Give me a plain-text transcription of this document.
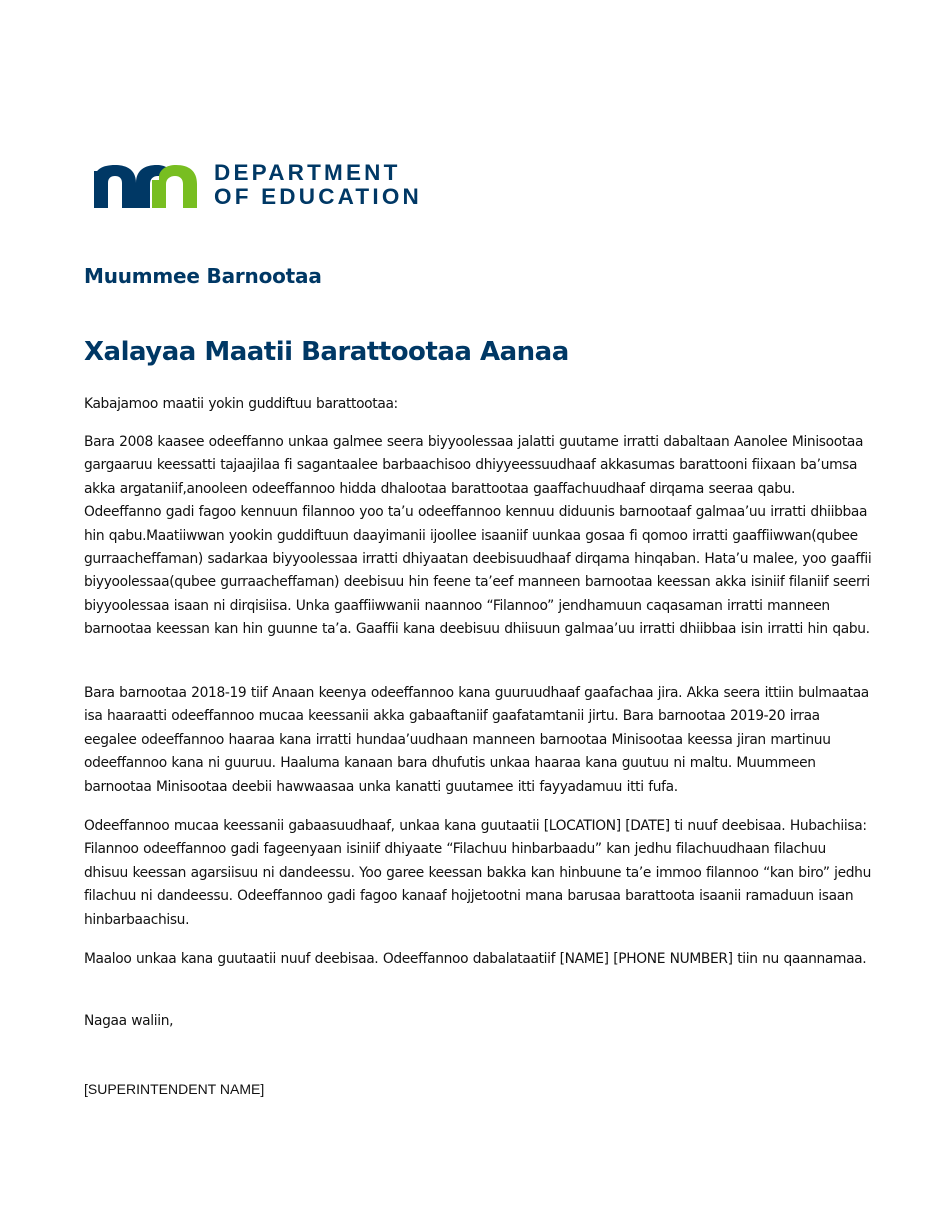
DEPARTMENT
OF EDUCATION
Muummee Barnootaa
Xalayaa Maatii Barattootaa Aanaa

Kabajamoo maatii yokin guddiftuu barattootaa:

Bara 2008 kaasee odeeffanno unkaa galmee seera biyyoolessaa jalatti guutame irratti dabaltaan Aanolee Minisootaa gargaaruu keessatti tajaajilaa fi sagantaalee barbaachisoo dhiyyeessuudhaaf akkasumas barattooni fiixaan ba’umsa akka argataniif,anooleen odeeffannoo hidda dhalootaa barattootaa gaaffachuudhaaf dirqama seeraa qabu. Odeeffanno gadi fagoo kennuun filannoo yoo ta’u odeeffannoo kennuu diduunis barnootaaf galmaa’uu irratti dhiibbaa hin qabu.Maatiiwwan yookin guddiftuun daayimanii ijoollee isaaniif uunkaa gosaa fi qomoo irratti gaaffiiwwan(qubee gurraacheffaman) sadarkaa biyyoolessaa irratti dhiyaatan deebisuudhaaf dirqama hinqaban. Hata’u malee, yoo gaaffii biyyoolessaa(qubee gurraacheffaman) deebisuu hin feene ta’eef manneen barnootaa keessan akka isiniif filaniif seerri biyyoolessaa isaan ni dirqisiisa. Unka gaaffiiwwanii naannoo “Filannoo” jendhamuun caqasaman irratti manneen barnootaa keessan kan hin guunne ta’a. Gaaffii kana deebisuu dhiisuun galmaa’uu irratti dhiibbaa isin irratti hin qabu.

Bara barnootaa 2018-19 tiif Anaan keenya odeeffannoo kana guuruudhaaf gaafachaa jira. Akka seera ittiin bulmaataa isa haaraatti odeeffannoo mucaa keessanii akka gabaaftaniif gaafatamtanii jirtu. Bara barnootaa 2019-20 irraa eegalee odeeffannoo haaraa kana irratti hundaa’uudhaan manneen barnootaa Minisootaa keessa jiran martinuu odeeffannoo kana ni guuruu. Haaluma kanaan bara dhufutis unkaa haaraa kana guutuu ni maltu. Muummeen barnootaa Minisootaa deebii hawwaasaa unka kanatti guutamee itti fayyadamuu itti fufa.

Odeeffannoo mucaa keessanii gabaasuudhaaf, unkaa kana guutaatii [LOCATION] [DATE] ti nuuf deebisaa. Hubachiisa: Filannoo odeeffannoo gadi fageenyaan isiniif dhiyaate “Filachuu hinbarbaadu” kan jedhu filachuudhaan filachuu dhisuu keessan agarsiisuu ni dandeessu. Yoo garee keessan bakka kan hinbuune ta’e immoo filannoo “kan biro” jedhu filachuu ni dandeessu. Odeeffannoo gadi fagoo kanaaf hojjetootni mana barusaa barattoota isaanii ramaduun isaan hinbarbaachisu.

Maaloo unkaa kana guutaatii nuuf deebisaa. Odeeffannoo dabalataatiif [NAME] [PHONE NUMBER] tiin nu qaannamaa.

Nagaa waliin,

[SUPERINTENDENT NAME]
